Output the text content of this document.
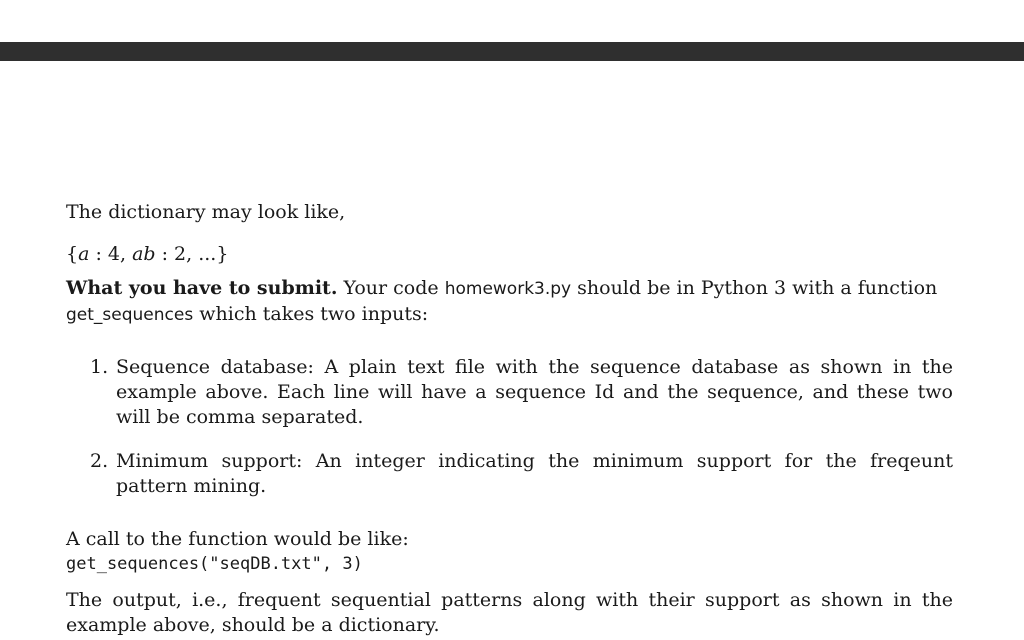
The dictionary may look like,

{a : 4, ab : 2, ...}

What you have to submit. Your code homework3.py should be in Python 3 with a function
get_sequences which takes two inputs:

1. Sequence database: A plain text file with the sequence database as shown in the example above. Each line will have a sequence Id and the sequence, and these two will be comma separated.
2. Minimum support: An integer indicating the minimum support for the freqeunt pattern mining.

A call to the function would be like:

get_sequences("seqDB.txt", 3)

The output, i.e., frequent sequential patterns along with their support as shown in the example above, should be a dictionary.
